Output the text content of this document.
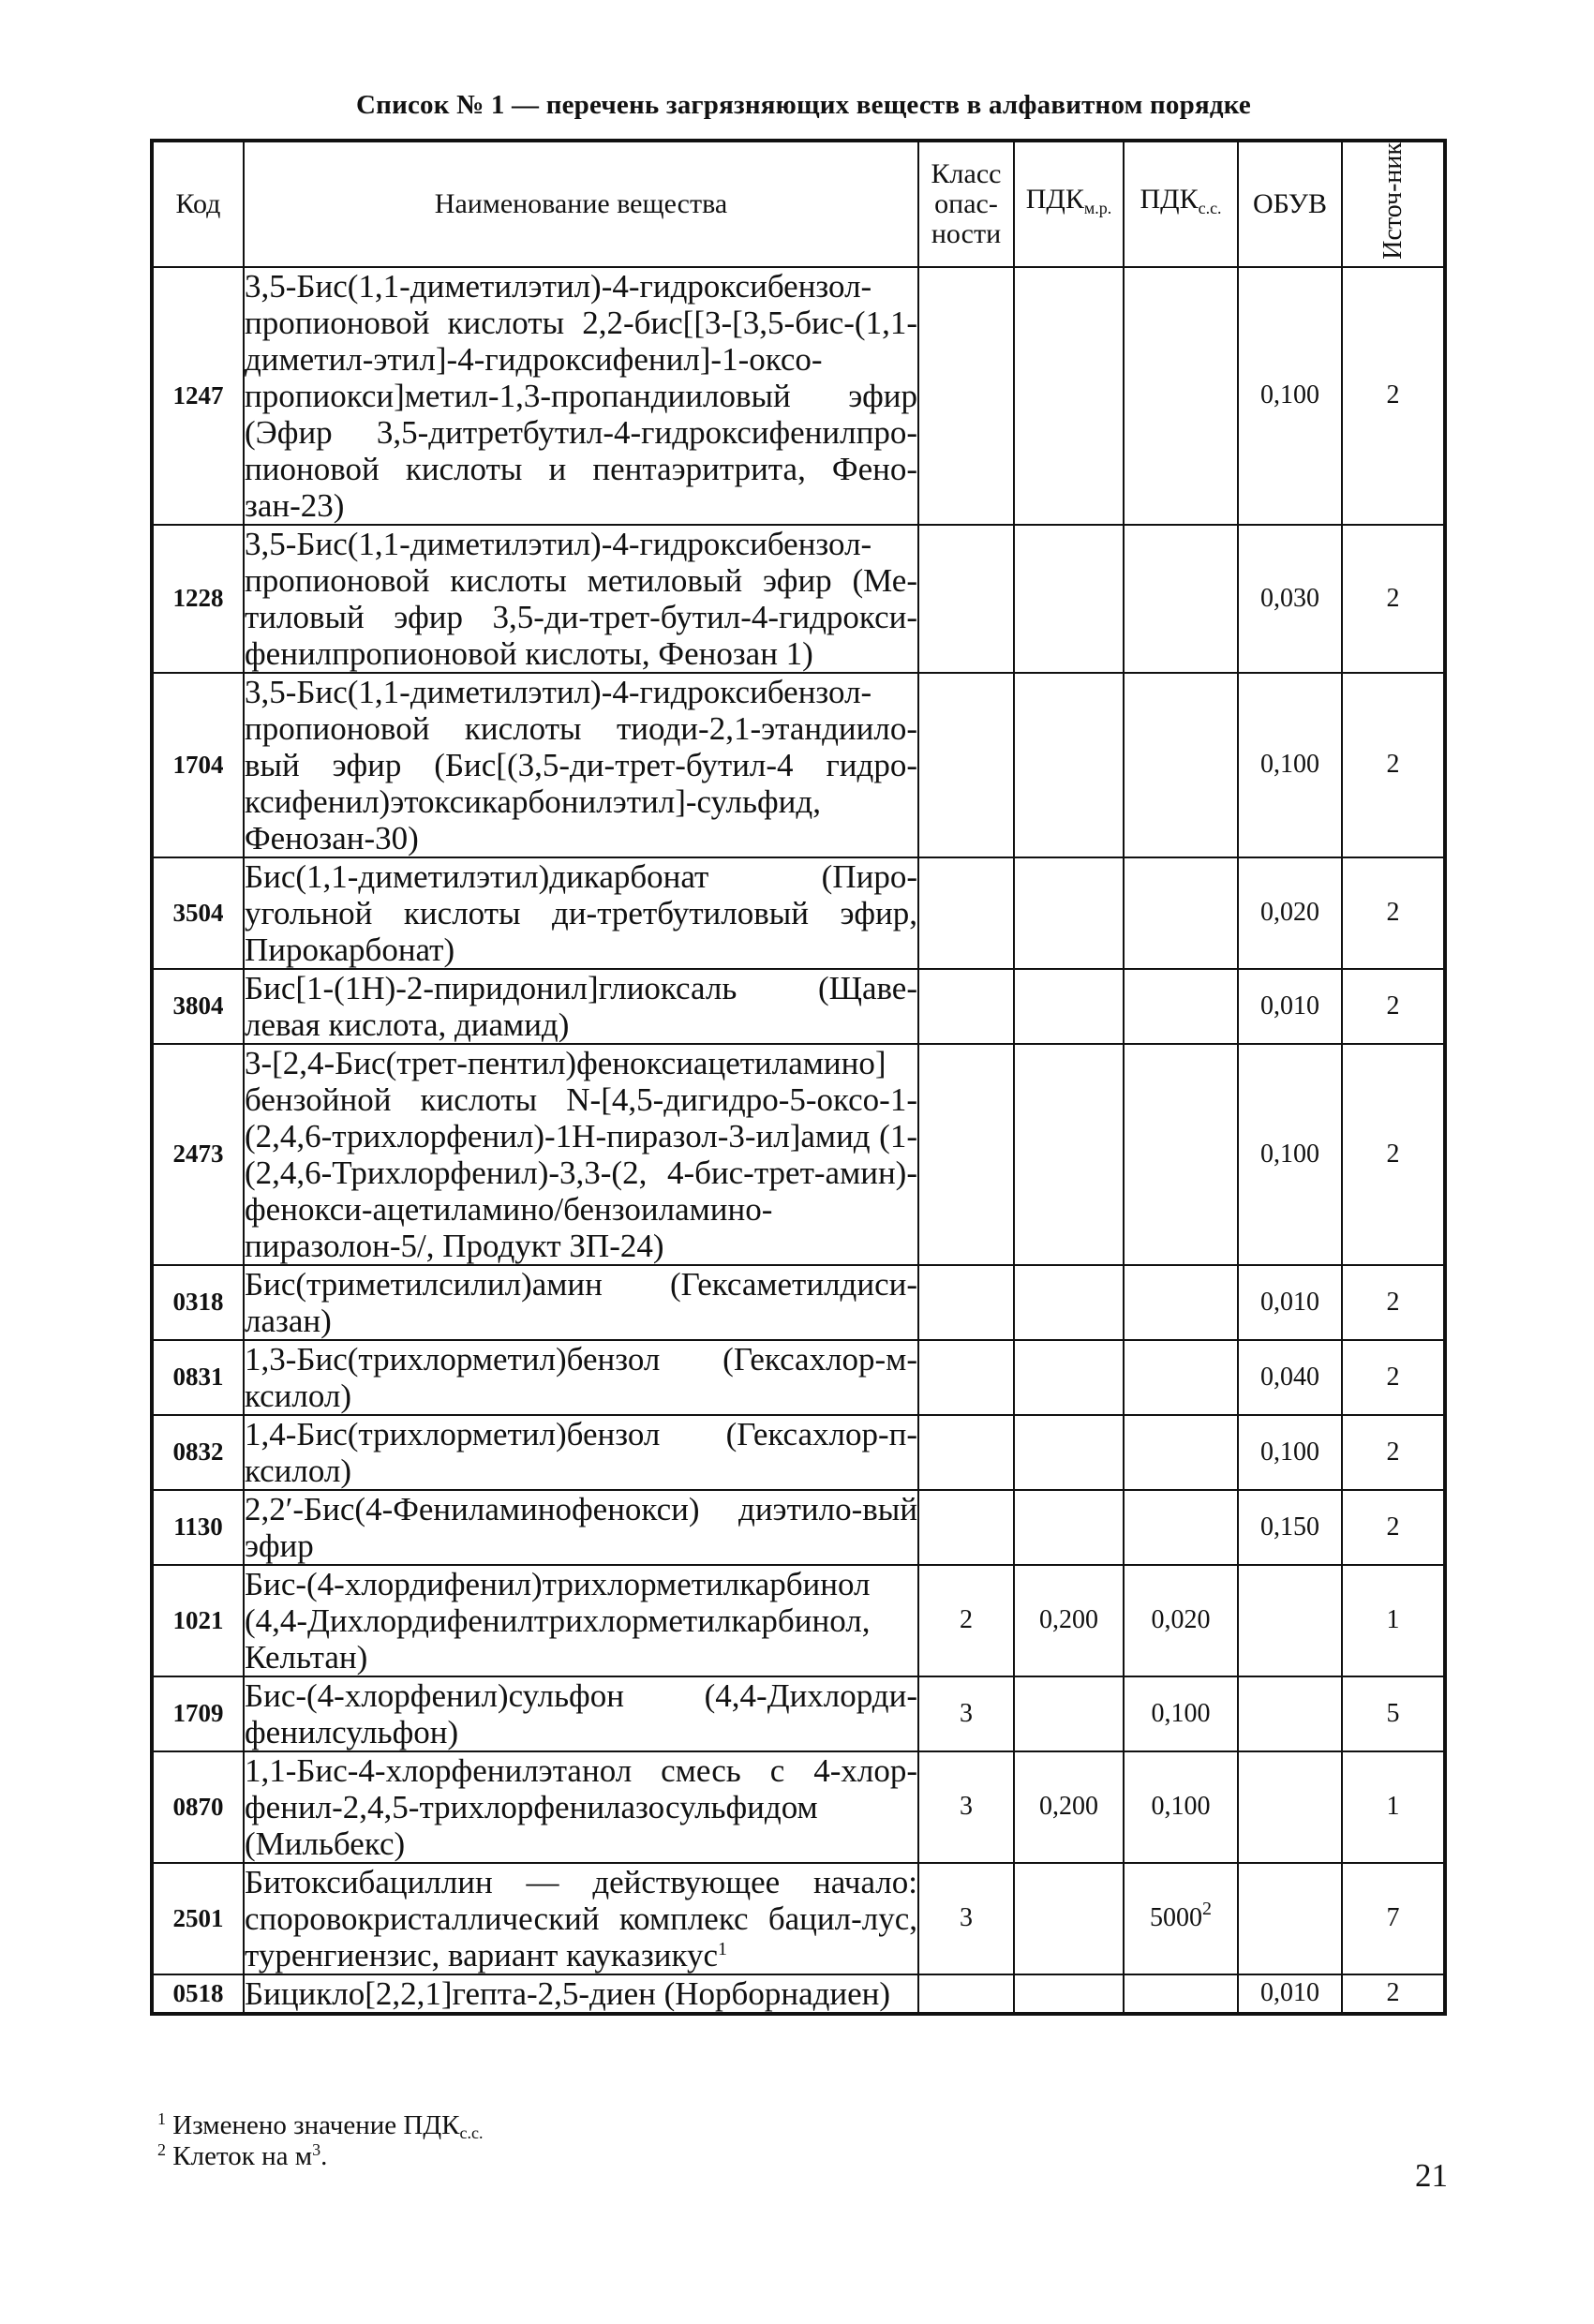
Список № 1 — перечень загрязняющих веществ в алфавитном порядке
Код	Наименование вещества	Класс опас-ности	$ПДК_{м.р.}$	$ПДК_{с.с.}$	ОБУВ	Источ-ник
1247	3,5-Бис(1,1-диметилэтил)-4-гидроксибензол-пропионовой кислоты 2,2-бис[[3-[3,5-бис-(1,1-диметил-этил]-4-гидроксифенил]-1-оксо-пропиокси]метил-1,3-пропандииловый эфир (Эфир 3,5-дитретбутил-4-гидроксифенилпро-пионовой кислоты и пентаэритрита, Фено-зан-23)				0,100	2
1228	3,5-Бис(1,1-диметилэтил)-4-гидроксибензол-пропионовой кислоты метиловый эфир (Ме-тиловый эфир 3,5-ди-трет-бутил-4-гидрокси-фенилпропионовой кислоты, Фенозан 1)				0,030	2
1704	3,5-Бис(1,1-диметилэтил)-4-гидроксибензол-пропионовой кислоты тиоди-2,1-этандиило-вый эфир (Бис[(3,5-ди-трет-бутил-4 гидро-ксифенил)этоксикарбонилэтил]-сульфид, Фенозан-30)				0,100	2
3504	Бис(1,1-диметилэтил)дикарбонат (Пиро-угольной кислоты ди-третбутиловый эфир, Пирокарбонат)				0,020	2
3804	Бис[1-(1Н)-2-пиридонил]глиоксаль (Щаве-левая кислота, диамид)				0,010	2
2473	3-[2,4-Бис(трет-пентил)феноксиацетиламино] бензойной кислоты N-[4,5-дигидро-5-оксо-1-(2,4,6-трихлорфенил)-1Н-пиразол-3-ил]амид (1-(2,4,6-Трихлорфенил)-3,3-(2, 4-бис-трет-амин)-фенокси-ацетиламино/бензоиламино-пиразолон-5/, Продукт ЗП-24)				0,100	2
0318	Бис(триметилсилил)амин (Гексаметилдиси-лазан)				0,010	2
0831	1,3-Бис(трихлорметил)бензол (Гексахлор-м-ксилол)				0,040	2
0832	1,4-Бис(трихлорметил)бензол (Гексахлор-п-ксилол)				0,100	2
1130	2,2′-Бис(4-Фениламинофенокси) диэтило-вый эфир				0,150	2
1021	Бис-(4-хлордифенил)трихлорметилкарбинол (4,4-Дихлордифенилтрихлорметилкарбинол, Кельтан)	2	0,200	0,020		1
1709	Бис-(4-хлорфенил)сульфон (4,4-Дихлорди-фенилсульфон)	3		0,100		5
0870	1,1-Бис-4-хлорфенилэтанол смесь с 4-хлор-фенил-2,4,5-трихлорфенилазосульфидом (Мильбекс)	3	0,200	0,100		1
2501	Битоксибациллин — действующее начало: споровокристаллический комплекс бацил-лус, туренгиензис, вариант кауказикус$^1$	3		5000$^2$		7
0518	Бицикло[2,2,1]гепта-2,5-диен (Норборнадиен)				0,010	2
$^1$ Изменено значение $ПДК_{с.с.}$
$^2$ Клеток на $м^3$.
21
